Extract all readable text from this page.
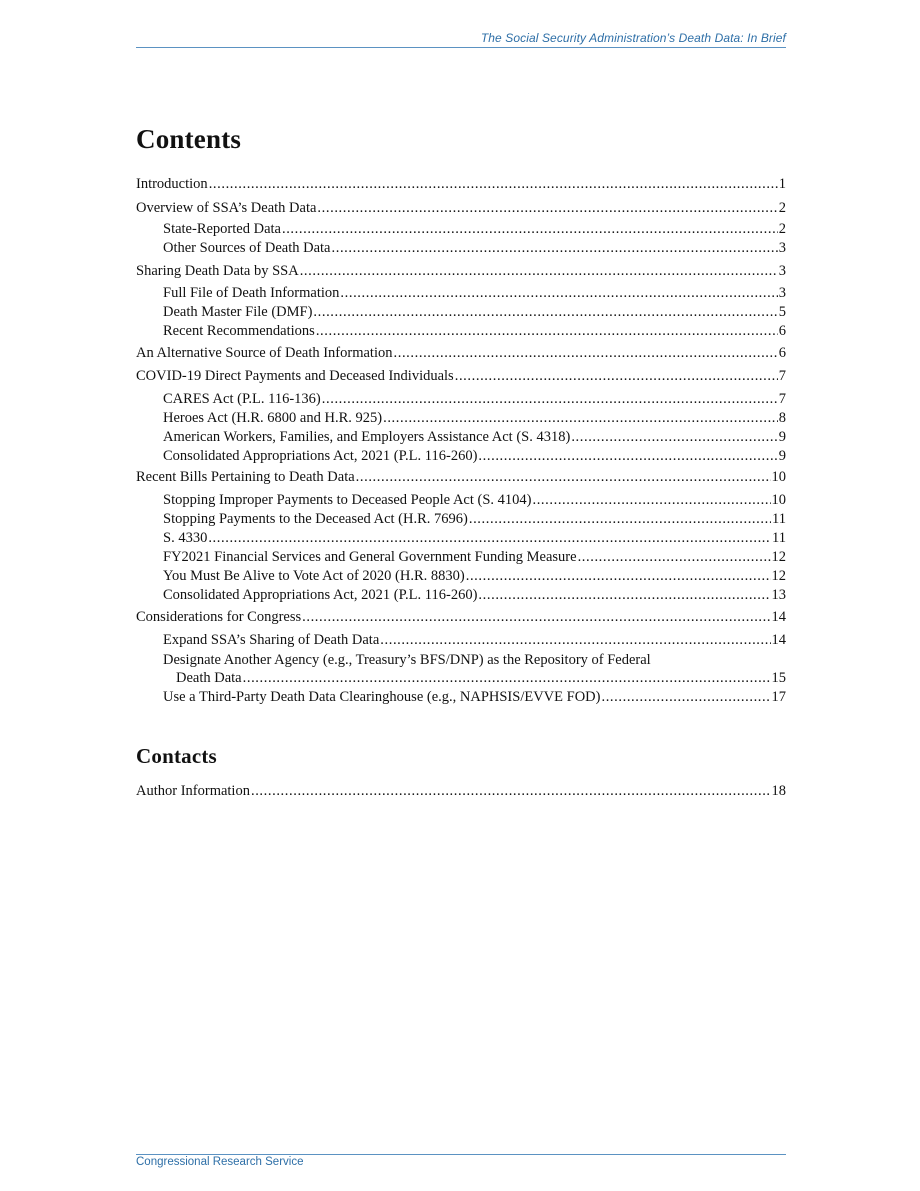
The Social Security Administration’s Death Data: In Brief
Contents
Introduction .....	1
Overview of SSA’s Death Data .....	2
State-Reported Data .....	2
Other Sources of Death Data .....	3
Sharing Death Data by SSA .....	3
Full File of Death Information .....	3
Death Master File (DMF) .....	5
Recent Recommendations .....	6
An Alternative Source of Death Information .....	6
COVID-19 Direct Payments and Deceased Individuals .....	7
CARES Act (P.L. 116-136) .....	7
Heroes Act (H.R. 6800 and H.R. 925) .....	8
American Workers, Families, and Employers Assistance Act (S. 4318) .....	9
Consolidated Appropriations Act, 2021 (P.L. 116-260) .....	9
Recent Bills Pertaining to Death Data .....	10
Stopping Improper Payments to Deceased People Act (S. 4104) .....	10
Stopping Payments to the Deceased Act (H.R. 7696) .....	11
S. 4330 .....	11
FY2021 Financial Services and General Government Funding Measure .....	12
You Must Be Alive to Vote Act of 2020 (H.R. 8830) .....	12
Consolidated Appropriations Act, 2021 (P.L. 116-260) .....	13
Considerations for Congress .....	14
Expand SSA’s Sharing of Death Data .....	14
Designate Another Agency (e.g., Treasury’s BFS/DNP) as the Repository of Federal
Death Data .....	15
Use a Third-Party Death Data Clearinghouse (e.g., NAPHSIS/EVVE FOD) .....	17
Contacts
Author Information .....	18
Congressional Research Service
